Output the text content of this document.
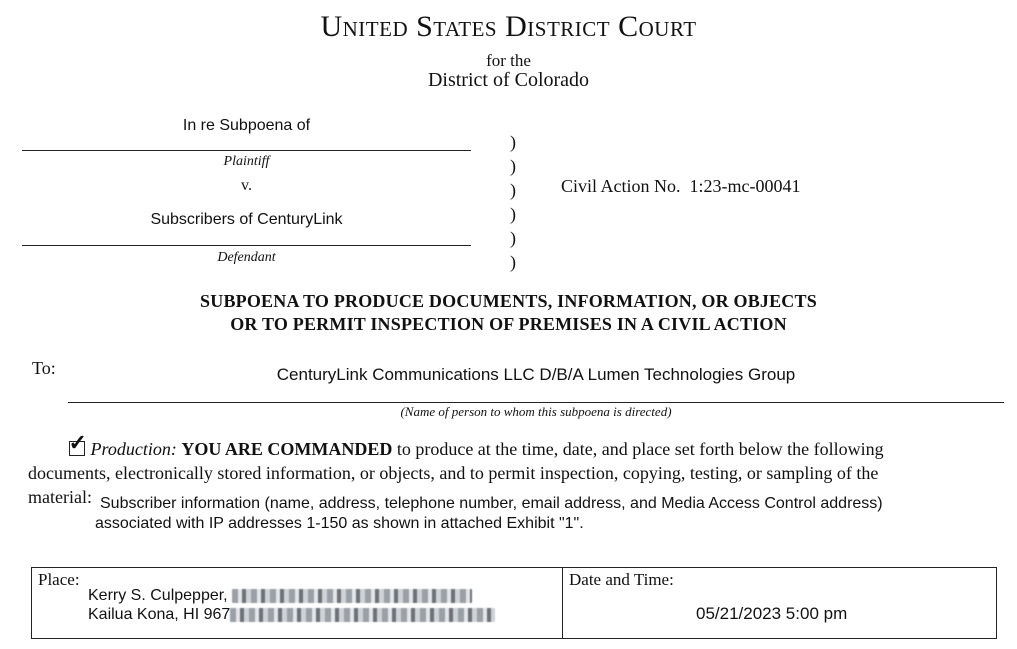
United States District Court
for the
District of Colorado
In re Subpoena of
Plaintiff
v.
Subscribers of CenturyLink
Defendant
)
)
)
)
)
)
Civil Action No. 1:23-mc-00041
SUBPOENA TO PRODUCE DOCUMENTS, INFORMATION, OR OBJECTS
OR TO PERMIT INSPECTION OF PREMISES IN A CIVIL ACTION
To:	CenturyLink Communications LLC D/B/A Lumen Technologies Group
(Name of person to whom this subpoena is directed)

✓ Production: YOU ARE COMMANDED to produce at the time, date, and place set forth below the following
documents, electronically stored information, or objects, and to permit inspection, copying, testing, or sampling of the
material: Subscriber information (name, address, telephone number, email address, and Media Access Control address)
associated with IP addresses 1-150 as shown in attached Exhibit "1".
Place:
Kerry S. Culpepper,
Kailua Kona, HI 967
Date and Time:
05/21/2023 5:00 pm
